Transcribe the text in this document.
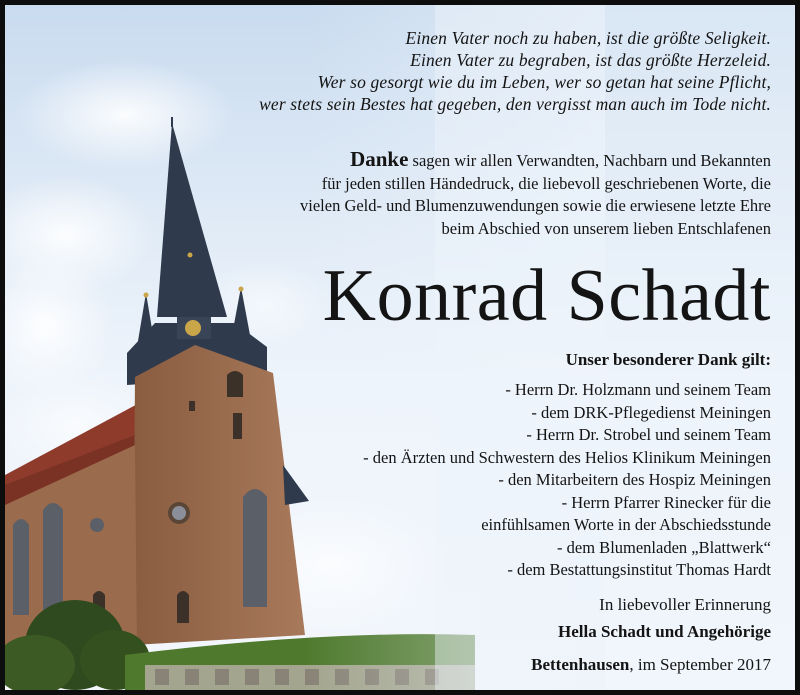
Einen Vater noch zu haben, ist die größte Seligkeit.
Einen Vater zu begraben, ist das größte Herzeleid.
Wer so gesorgt wie du im Leben, wer so getan hat seine Pflicht,
wer stets sein Bestes hat gegeben, den vergisst man auch im Tode nicht.
Danke sagen wir allen Verwandten, Nachbarn und Bekannten
für jeden stillen Händedruck, die liebevoll geschriebenen Worte, die
vielen Geld- und Blumenzuwendungen sowie die erwiesene letzte Ehre
beim Abschied von unserem lieben Entschlafenen
Konrad Schadt
Unser besonderer Dank gilt:
- Herrn Dr. Holzmann und seinem Team
- dem DRK-Pflegedienst Meiningen
- Herrn Dr. Strobel und seinem Team
- den Ärzten und Schwestern des Helios Klinikum Meiningen
- den Mitarbeitern des Hospiz Meiningen
- Herrn Pfarrer Rinecker für die
einfühlsamen Worte in der Abschiedsstunde
- dem Blumenladen „Blattwerk“
- dem Bestattungsinstitut Thomas Hardt
In liebevoller Erinnerung
Hella Schadt und Angehörige
Bettenhausen, im September 2017
